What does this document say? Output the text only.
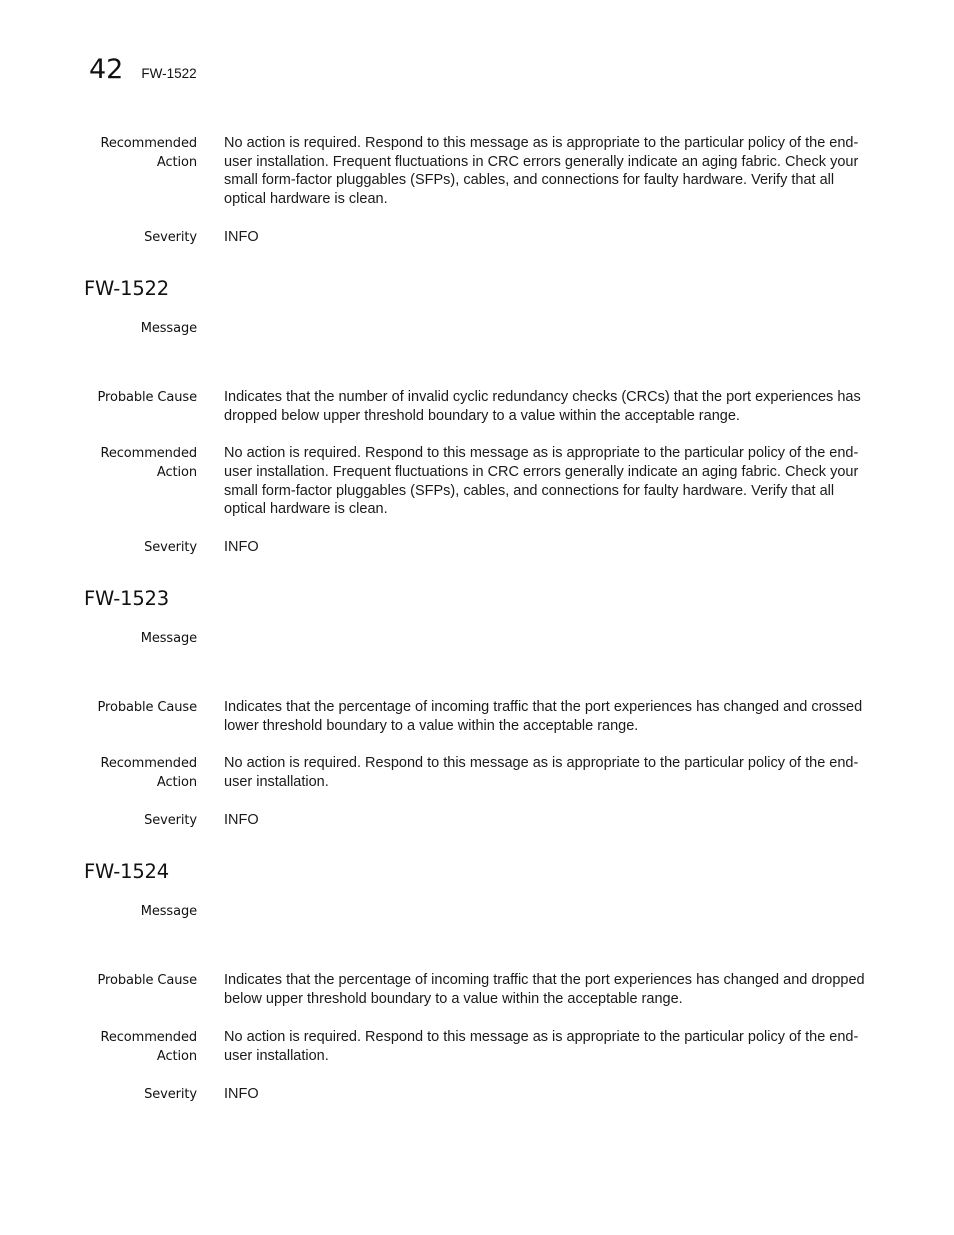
42 FW-1522
Recommended
Action
No action is required. Respond to this message as is appropriate to the particular policy of the end-user installation. Frequent fluctuations in CRC errors generally indicate an aging fabric. Check your small form-factor pluggables (SFPs), cables, and connections for faulty hardware. Verify that all optical hardware is clean.
Severity INFO
FW-1522
Message
Probable Cause Indicates that the number of invalid cyclic redundancy checks (CRCs) that the port experiences has dropped below upper threshold boundary to a value within the acceptable range.
Recommended
Action
No action is required. Respond to this message as is appropriate to the particular policy of the end-user installation. Frequent fluctuations in CRC errors generally indicate an aging fabric. Check your small form-factor pluggables (SFPs), cables, and connections for faulty hardware. Verify that all optical hardware is clean.
Severity INFO
FW-1523
Message
Probable Cause Indicates that the percentage of incoming traffic that the port experiences has changed and crossed lower threshold boundary to a value within the acceptable range.
Recommended
Action
No action is required. Respond to this message as is appropriate to the particular policy of the end-user installation.
Severity INFO
FW-1524
Message
Probable Cause Indicates that the percentage of incoming traffic that the port experiences has changed and dropped below upper threshold boundary to a value within the acceptable range.
Recommended
Action
No action is required. Respond to this message as is appropriate to the particular policy of the end-user installation.
Severity INFO
